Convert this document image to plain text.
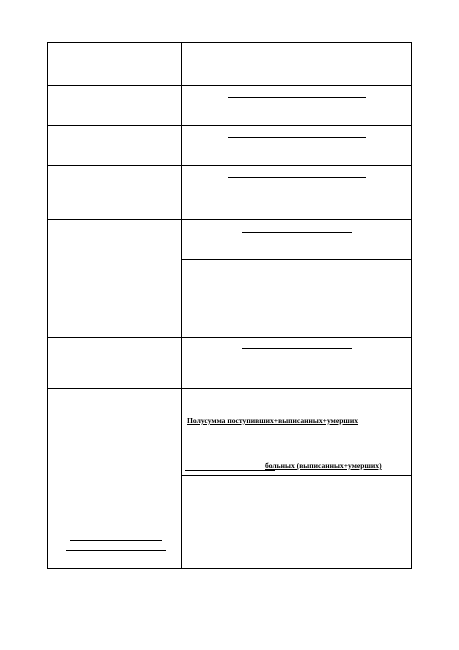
Полусумма поступивших+выписанных+умерших
больных (выписанных+умерших)
